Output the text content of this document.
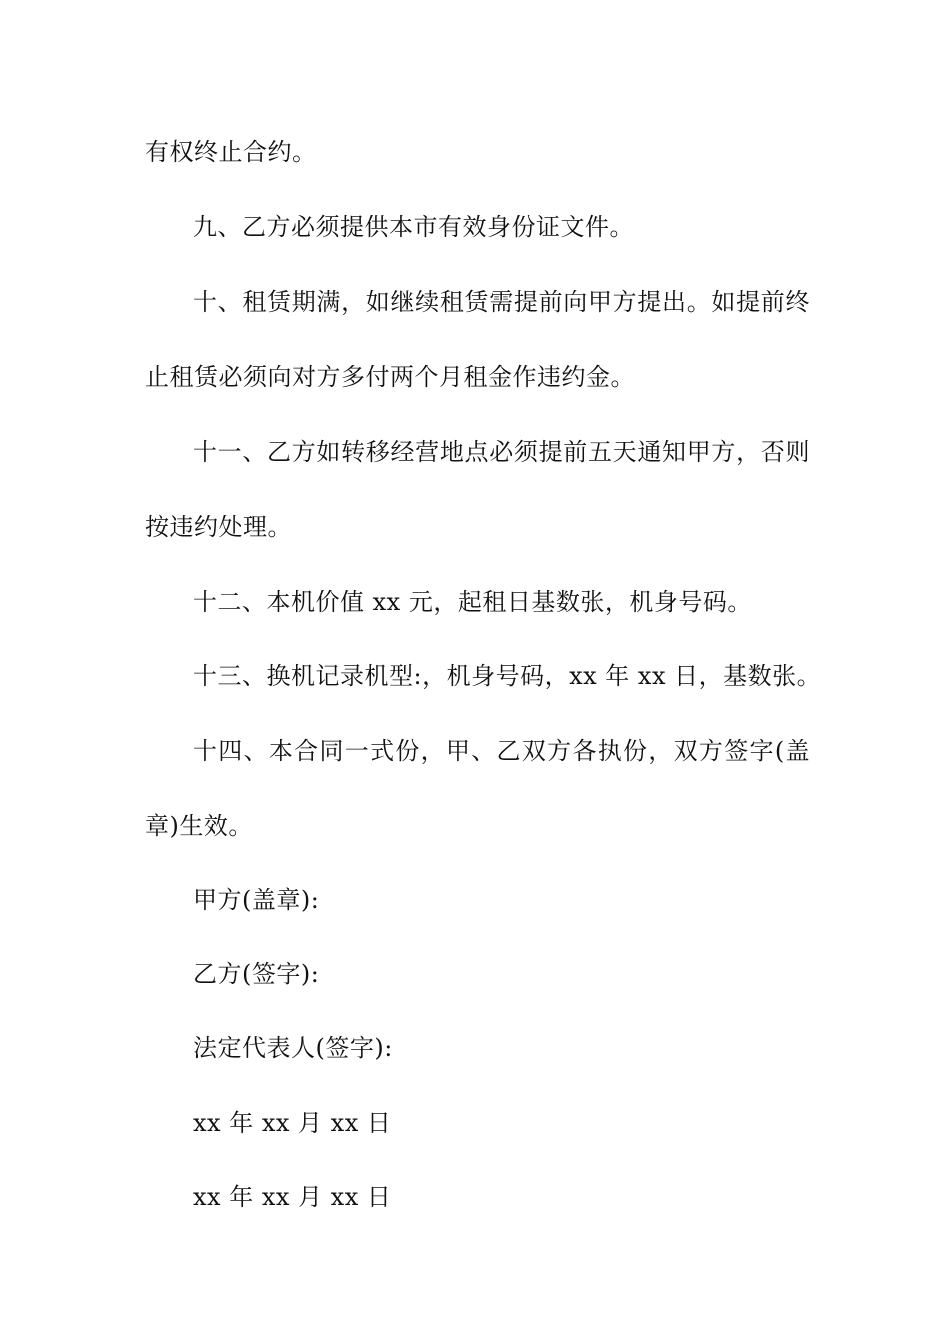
有权终止合约。
九、乙方必须提供本市有效身份证文件。
十、租赁期满，如继续租赁需提前向甲方提出。如提前终
止租赁必须向对方多付两个月租金作违约金。
十一、乙方如转移经营地点必须提前五天通知甲方，否则
按违约处理。
十二、本机价值 xx 元，起租日基数张，机身号码。
十三、换机记录机型:，机身号码，xx 年 xx 日，基数张。
十四、本合同一式份，甲、乙双方各执份，双方签字(盖
章)生效。
甲方(盖章):
乙方(签字):
法定代表人(签字):
xx 年 xx 月 xx 日
xx 年 xx 月 xx 日
